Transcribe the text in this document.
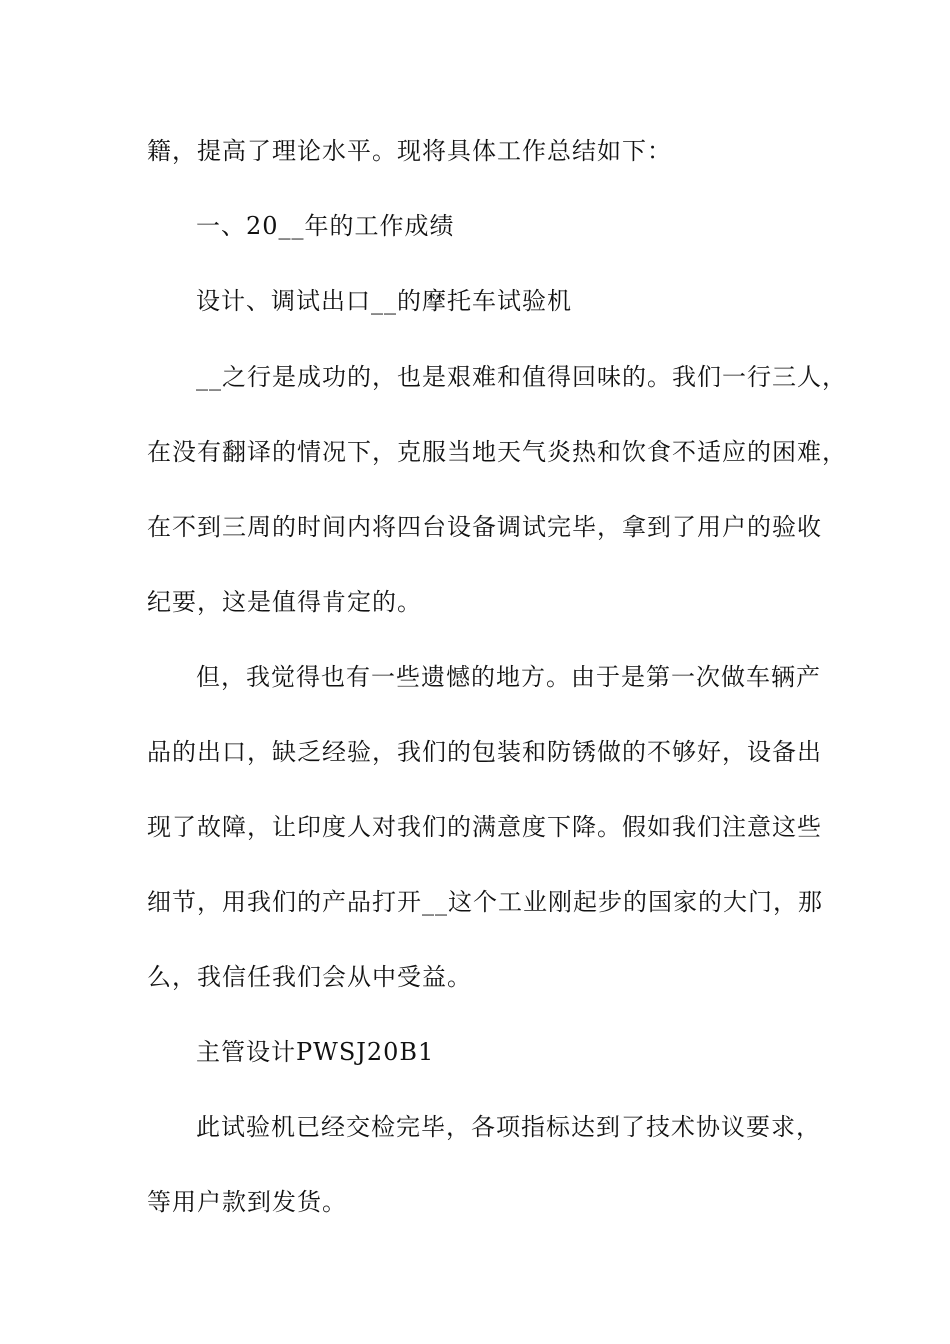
籍，提高了理论水平。现将具体工作总结如下：

一、20__年的工作成绩

设计、调试出口__的摩托车试验机

__之行是成功的，也是艰难和值得回味的。我们一行三人，

在没有翻译的情况下，克服当地天气炎热和饮食不适应的困难，

在不到三周的时间内将四台设备调试完毕，拿到了用户的验收

纪要，这是值得肯定的。

但，我觉得也有一些遗憾的地方。由于是第一次做车辆产

品的出口，缺乏经验，我们的包装和防锈做的不够好，设备出

现了故障，让印度人对我们的满意度下降。假如我们注意这些

细节，用我们的产品打开__这个工业刚起步的国家的大门，那

么，我信任我们会从中受益。

主管设计PWSJ20B1

此试验机已经交检完毕，各项指标达到了技术协议要求，

等用户款到发货。
